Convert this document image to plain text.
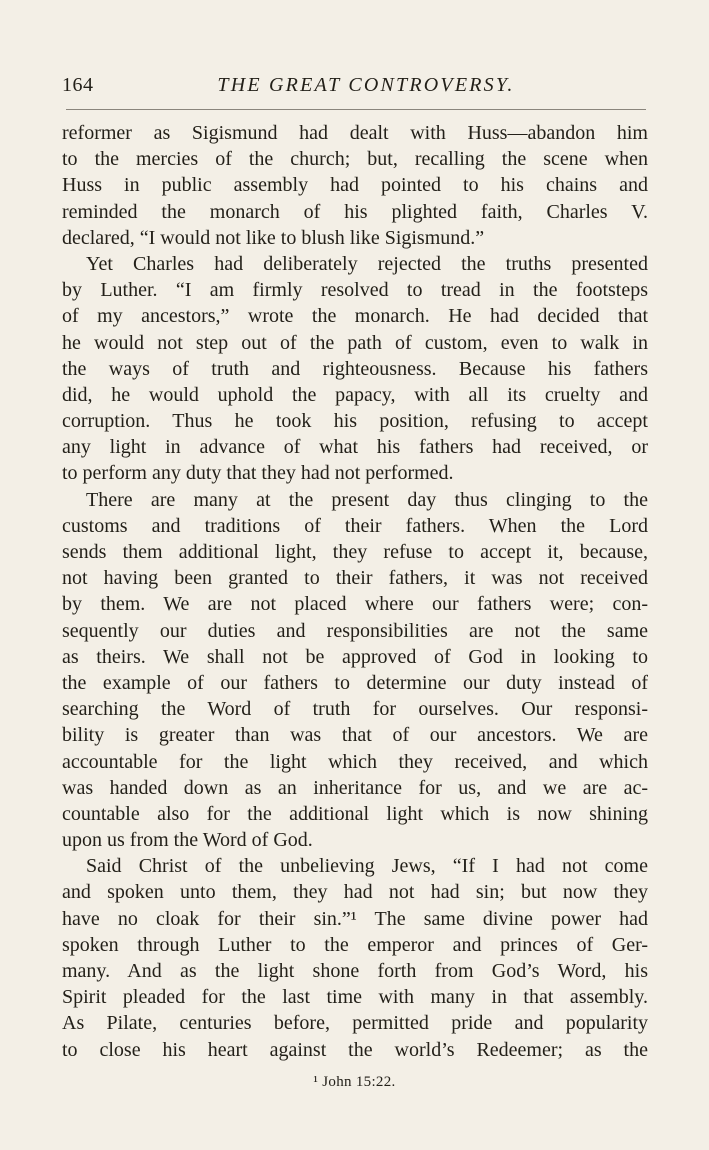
164	THE GREAT CONTROVERSY.
reformer as Sigismund had dealt with Huss—abandon him
to the mercies of the church; but, recalling the scene when
Huss in public assembly had pointed to his chains and
reminded the monarch of his plighted faith, Charles V.
declared, “I would not like to blush like Sigismund.”
Yet Charles had deliberately rejected the truths presented
by Luther. “I am firmly resolved to tread in the footsteps
of my ancestors,” wrote the monarch. He had decided that
he would not step out of the path of custom, even to walk in
the ways of truth and righteousness. Because his fathers
did, he would uphold the papacy, with all its cruelty and
corruption. Thus he took his position, refusing to accept
any light in advance of what his fathers had received, or
to perform any duty that they had not performed.
There are many at the present day thus clinging to the
customs and traditions of their fathers. When the Lord
sends them additional light, they refuse to accept it, because,
not having been granted to their fathers, it was not received
by them. We are not placed where our fathers were; con-
sequently our duties and responsibilities are not the same
as theirs. We shall not be approved of God in looking to
the example of our fathers to determine our duty instead of
searching the Word of truth for ourselves. Our responsi-
bility is greater than was that of our ancestors. We are
accountable for the light which they received, and which
was handed down as an inheritance for us, and we are ac-
countable also for the additional light which is now shining
upon us from the Word of God.
Said Christ of the unbelieving Jews, “If I had not come
and spoken unto them, they had not had sin; but now they
have no cloak for their sin.”¹ The same divine power had
spoken through Luther to the emperor and princes of Ger-
many. And as the light shone forth from God’s Word, his
Spirit pleaded for the last time with many in that assembly.
As Pilate, centuries before, permitted pride and popularity
to close his heart against the world’s Redeemer; as the
¹ John 15:22.
